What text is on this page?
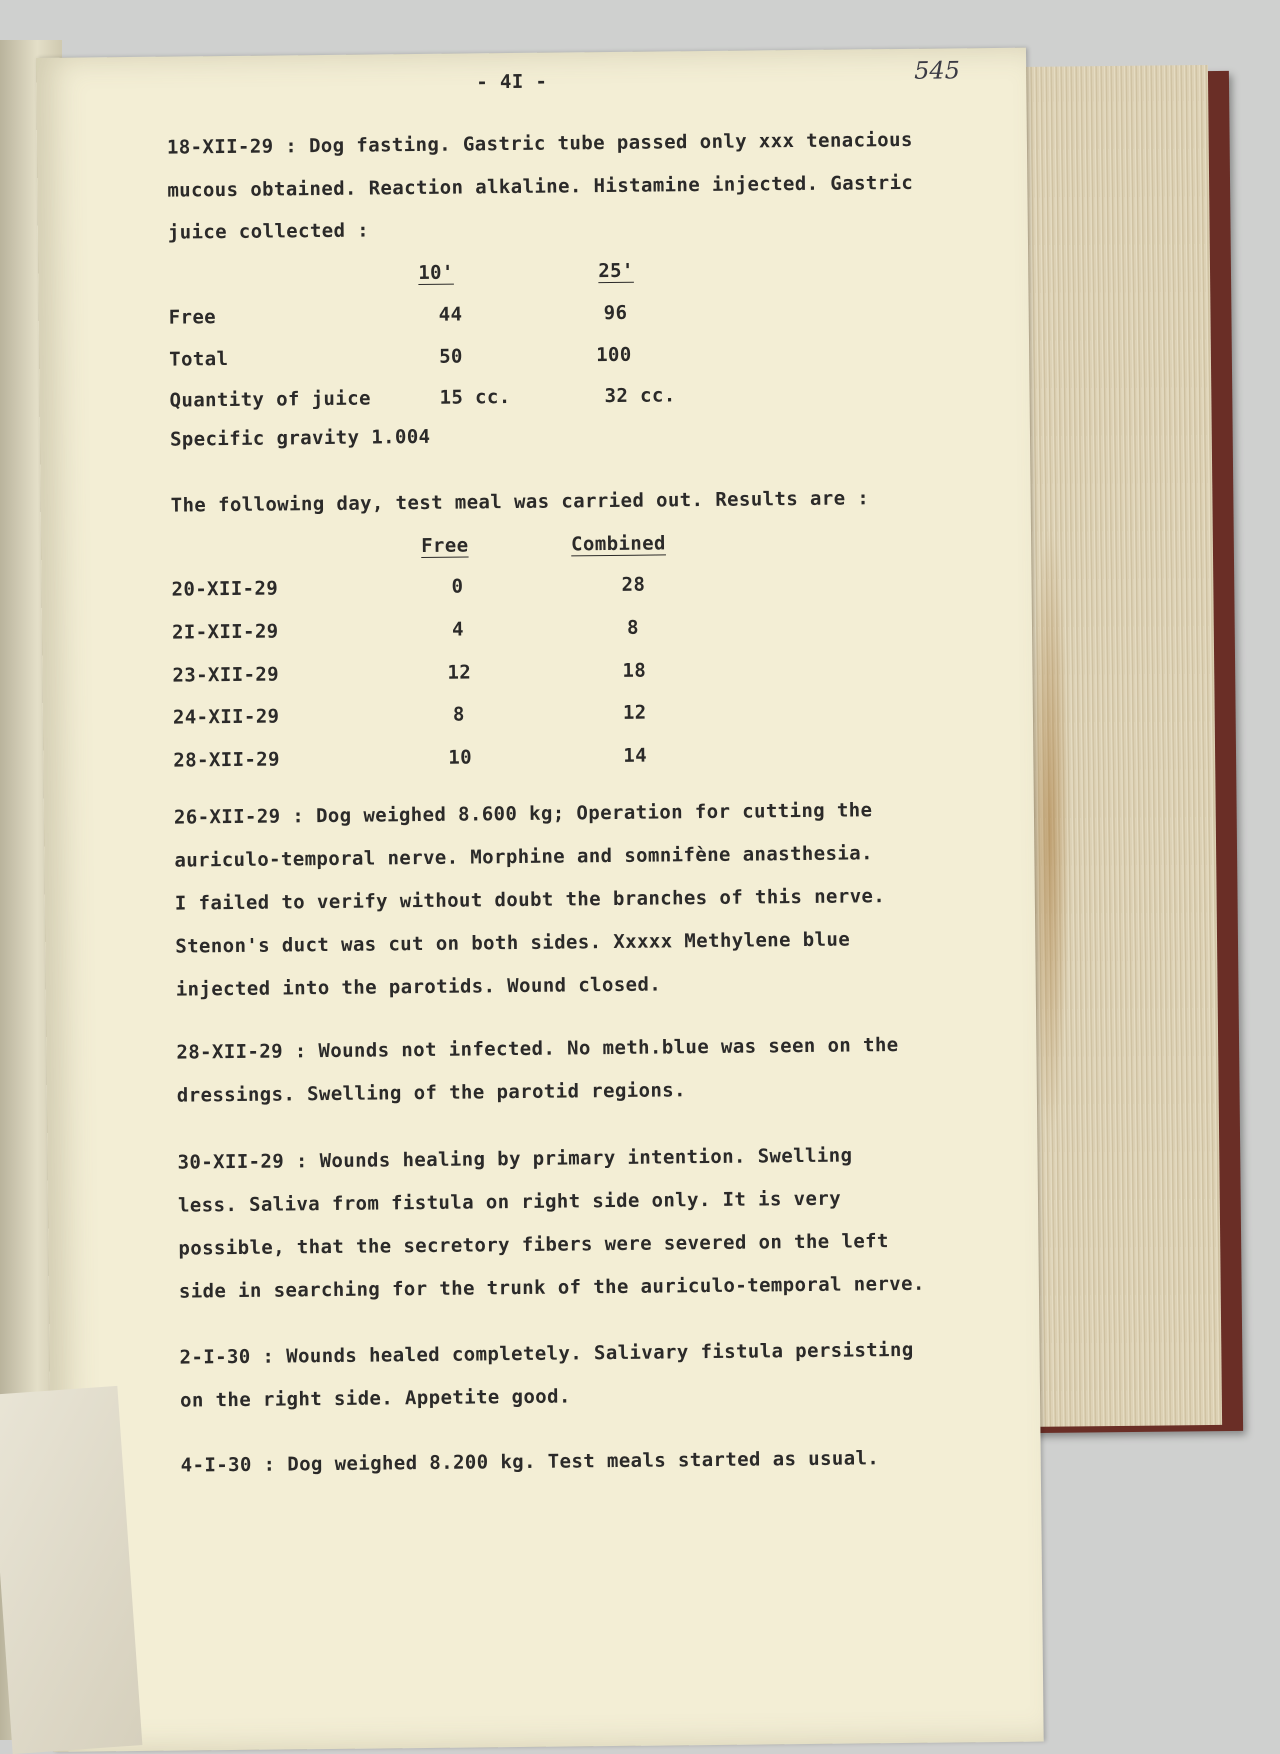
- 4I -	545
18-XII-29 : Dog fasting. Gastric tube passed only xxx tenacious
mucous obtained. Reaction alkaline. Histamine injected. Gastric
juice collected :
10'	25'
Free	44	96
Total	50	100
Quantity of juice	15 cc.	32 cc.
Specific gravity 1.004
The following day, test meal was carried out. Results are :
Free	Combined
20-XII-29	0	28
2I-XII-29	4	8
23-XII-29	12	18
24-XII-29	8	12
28-XII-29	10	14
26-XII-29 : Dog weighed 8.600 kg; Operation for cutting the
auriculo-temporal nerve. Morphine and somnifène anasthesia.
I failed to verify without doubt the branches of this nerve.
Stenon's duct was cut on both sides. Xxxxx Methylene blue
injected into the parotids. Wound closed.
28-XII-29 : Wounds not infected. No meth.blue was seen on the
dressings. Swelling of the parotid regions.
30-XII-29 : Wounds healing by primary intention. Swelling
less. Saliva from fistula on right side only. It is very
possible, that the secretory fibers were severed on the left
side in searching for the trunk of the auriculo-temporal nerve.
2-I-30 : Wounds healed completely. Salivary fistula persisting
on the right side. Appetite good.
4-I-30 : Dog weighed 8.200 kg. Test meals started as usual.
